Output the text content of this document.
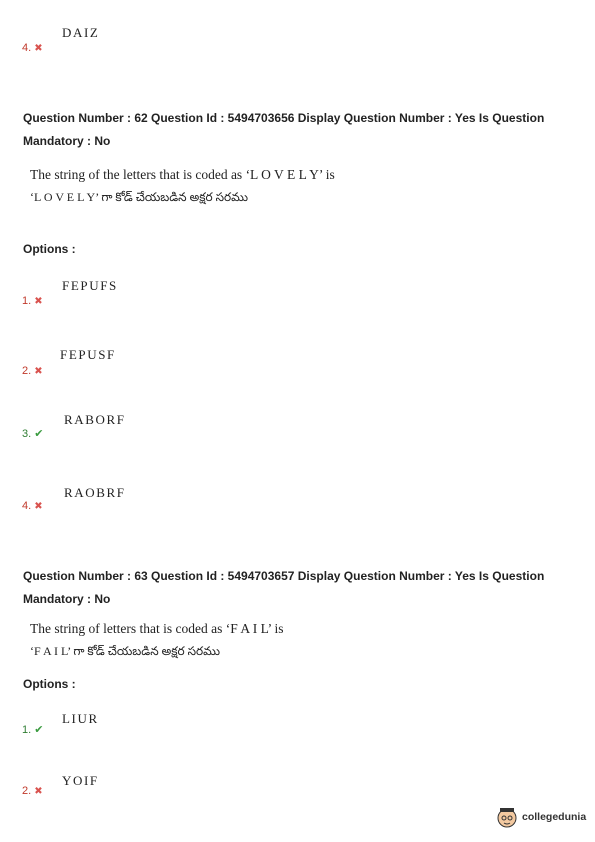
DAIZ
4. ✖
Question Number : 62 Question Id : 5494703656 Display Question Number : Yes Is Question
Mandatory : No
The string of the letters that is coded as ‘L O V E L Y’ is
‘L O V E L Y’ గా కోడ్ చేయబడిన అక్షర సరము
Options :
FEPUFS
1. ✖
FEPUSF
2. ✖
RABORF
3. ✔
RAOBRF
4. ✖
Question Number : 63 Question Id : 5494703657 Display Question Number : Yes Is Question
Mandatory : No
The string of letters that is coded as ‘F A I L’ is
‘F A I L’ గా కోడ్ చేయబడిన అక్షర సరము
Options :
LIUR
1. ✔
YOIF
2. ✖
collegedunia
